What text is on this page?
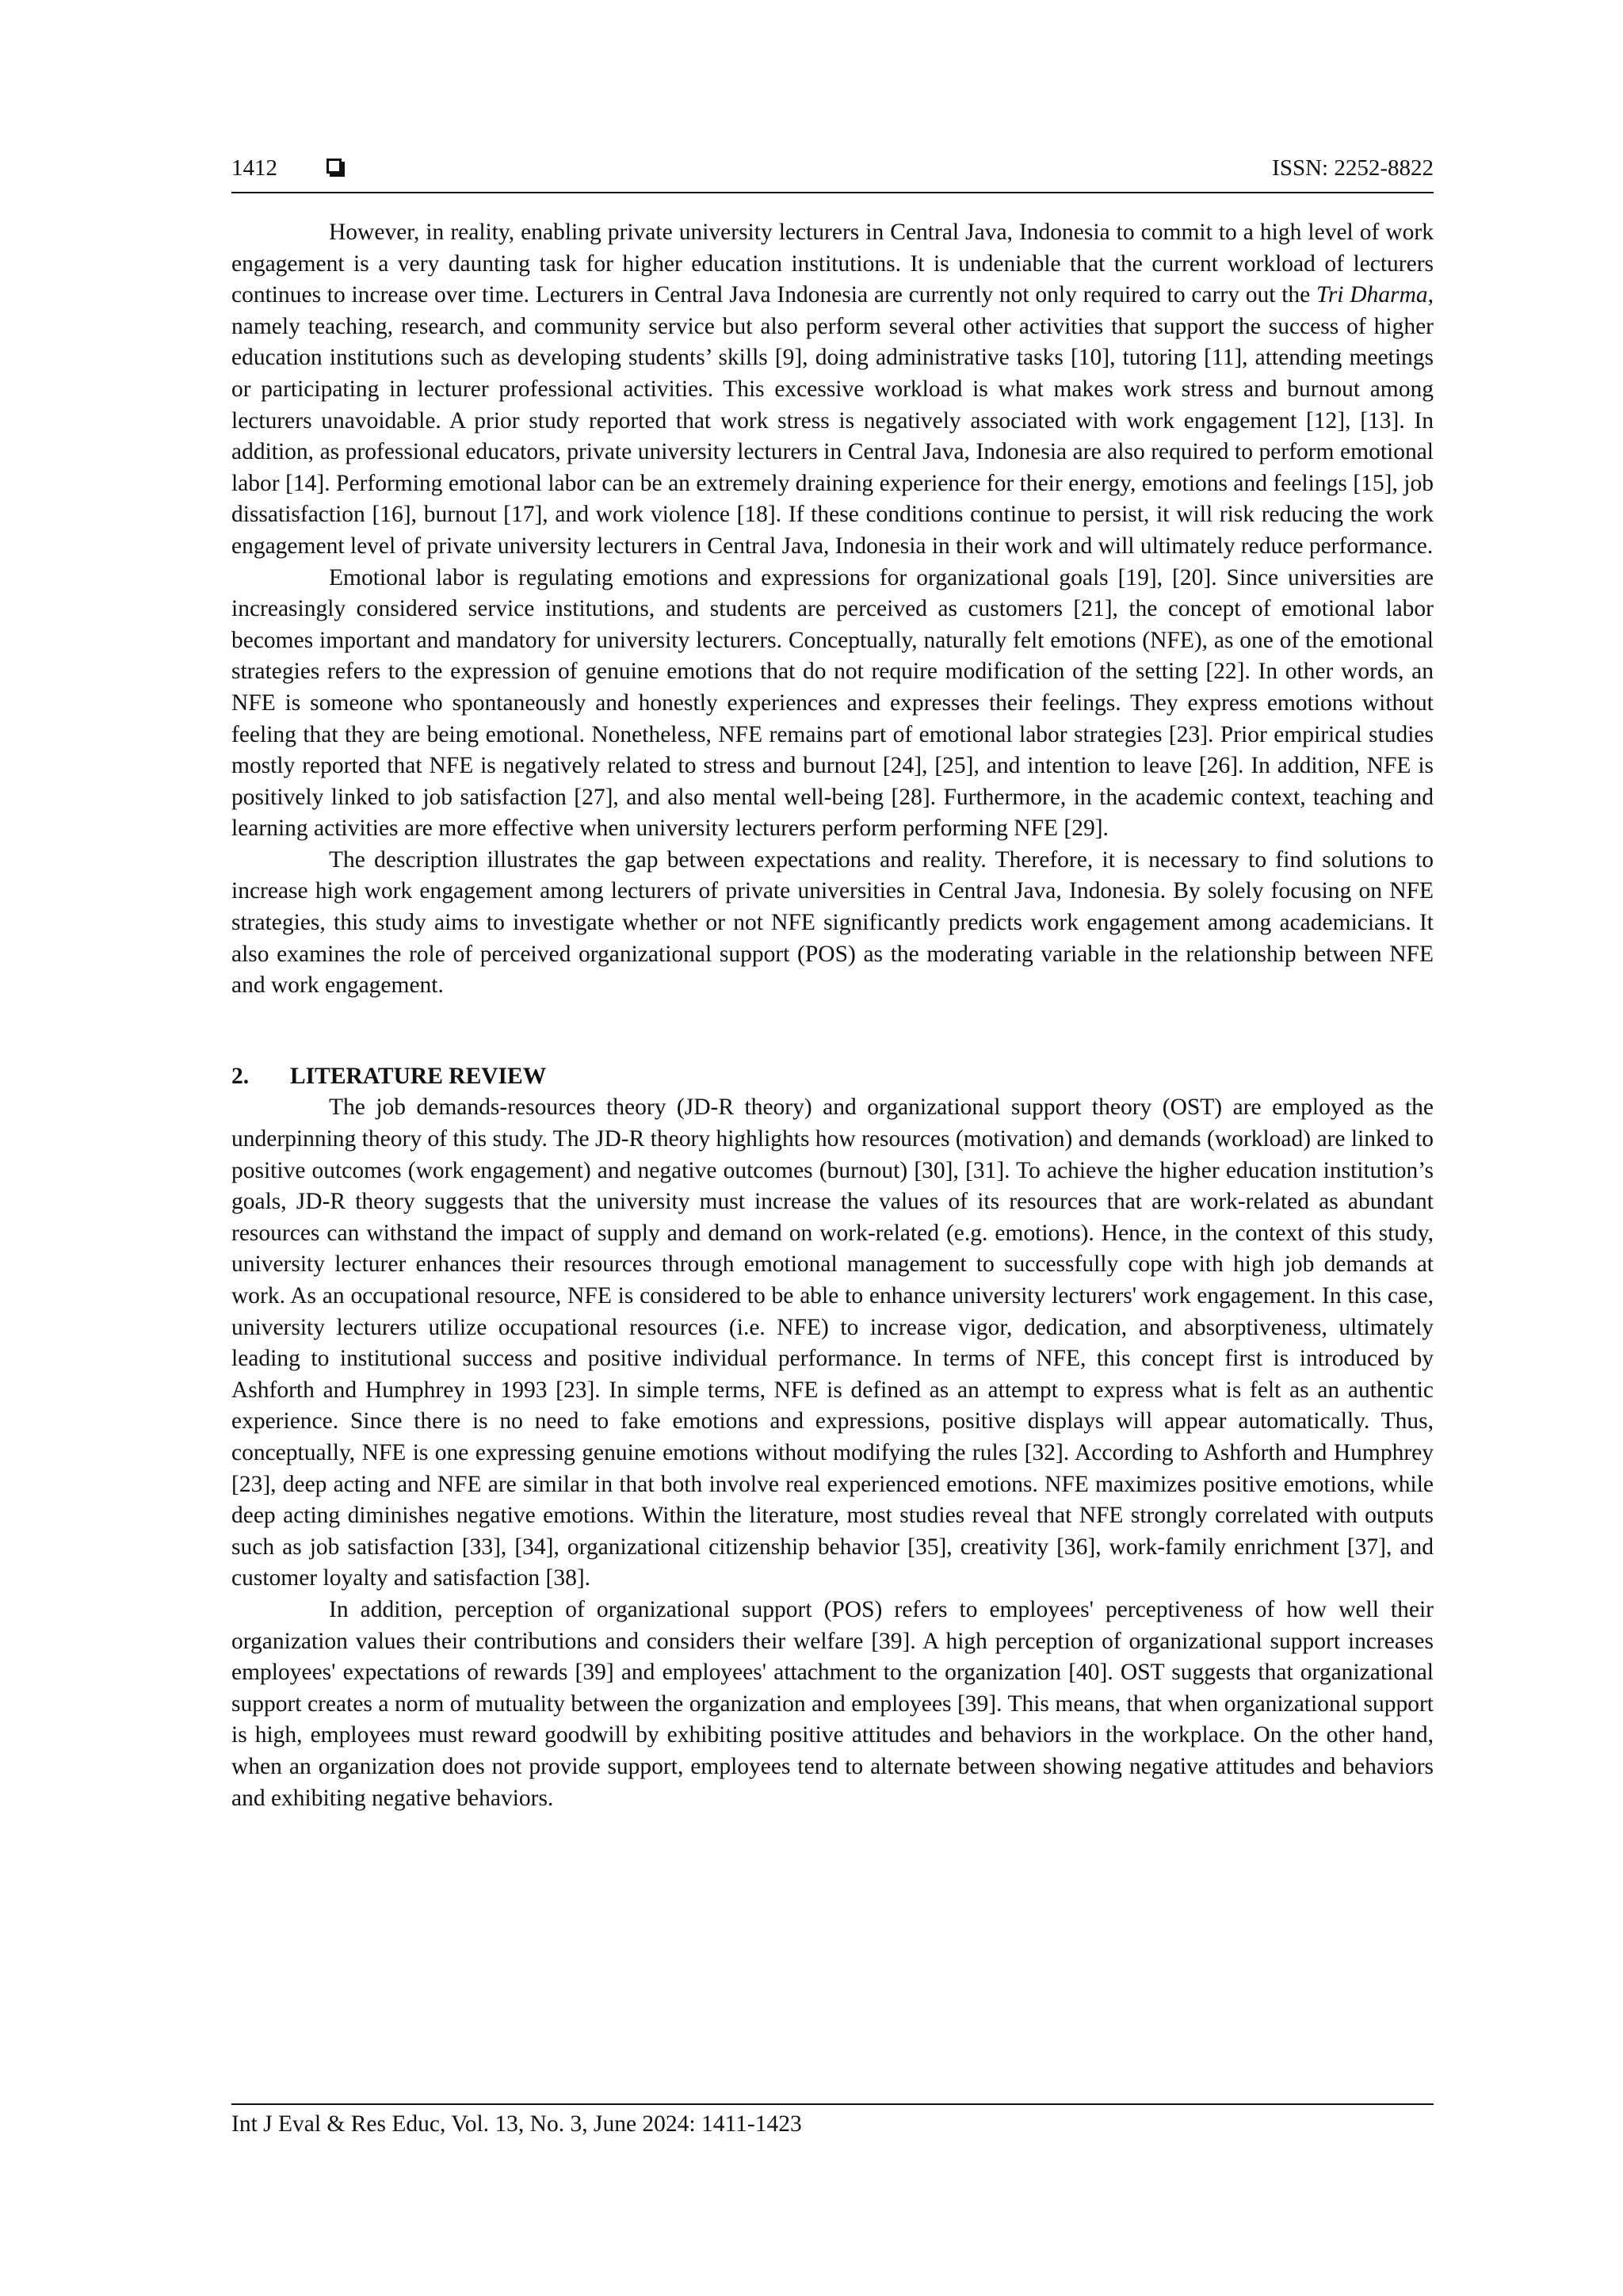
1412	ISSN: 2252-8822

However, in reality, enabling private university lecturers in Central Java, Indonesia to commit to a high level of work engagement is a very daunting task for higher education institutions. It is undeniable that the current workload of lecturers continues to increase over time. Lecturers in Central Java Indonesia are currently not only required to carry out the Tri Dharma, namely teaching, research, and community service but also perform several other activities that support the success of higher education institutions such as developing students’ skills [9], doing administrative tasks [10], tutoring [11], attending meetings or participating in lecturer professional activities. This excessive workload is what makes work stress and burnout among lecturers unavoidable. A prior study reported that work stress is negatively associated with work engagement [12], [13]. In addition, as professional educators, private university lecturers in Central Java, Indonesia are also required to perform emotional labor [14]. Performing emotional labor can be an extremely draining experience for their energy, emotions and feelings [15], job dissatisfaction [16], burnout [17], and work violence [18]. If these conditions continue to persist, it will risk reducing the work engagement level of private university lecturers in Central Java, Indonesia in their work and will ultimately reduce performance.

Emotional labor is regulating emotions and expressions for organizational goals [19], [20]. Since universities are increasingly considered service institutions, and students are perceived as customers [21], the concept of emotional labor becomes important and mandatory for university lecturers. Conceptually, naturally felt emotions (NFE), as one of the emotional strategies refers to the expression of genuine emotions that do not require modification of the setting [22]. In other words, an NFE is someone who spontaneously and honestly experiences and expresses their feelings. They express emotions without feeling that they are being emotional. Nonetheless, NFE remains part of emotional labor strategies [23]. Prior empirical studies mostly reported that NFE is negatively related to stress and burnout [24], [25], and intention to leave [26]. In addition, NFE is positively linked to job satisfaction [27], and also mental well-being [28]. Furthermore, in the academic context, teaching and learning activities are more effective when university lecturers perform performing NFE [29].

The description illustrates the gap between expectations and reality. Therefore, it is necessary to find solutions to increase high work engagement among lecturers of private universities in Central Java, Indonesia. By solely focusing on NFE strategies, this study aims to investigate whether or not NFE significantly predicts work engagement among academicians. It also examines the role of perceived organizational support (POS) as the moderating variable in the relationship between NFE and work engagement.

2. LITERATURE REVIEW

The job demands-resources theory (JD-R theory) and organizational support theory (OST) are employed as the underpinning theory of this study. The JD-R theory highlights how resources (motivation) and demands (workload) are linked to positive outcomes (work engagement) and negative outcomes (burnout) [30], [31]. To achieve the higher education institution’s goals, JD-R theory suggests that the university must increase the values of its resources that are work-related as abundant resources can withstand the impact of supply and demand on work-related (e.g. emotions). Hence, in the context of this study, university lecturer enhances their resources through emotional management to successfully cope with high job demands at work. As an occupational resource, NFE is considered to be able to enhance university lecturers' work engagement. In this case, university lecturers utilize occupational resources (i.e. NFE) to increase vigor, dedication, and absorptiveness, ultimately leading to institutional success and positive individual performance. In terms of NFE, this concept first is introduced by Ashforth and Humphrey in 1993 [23]. In simple terms, NFE is defined as an attempt to express what is felt as an authentic experience. Since there is no need to fake emotions and expressions, positive displays will appear automatically. Thus, conceptually, NFE is one expressing genuine emotions without modifying the rules [32]. According to Ashforth and Humphrey [23], deep acting and NFE are similar in that both involve real experienced emotions. NFE maximizes positive emotions, while deep acting diminishes negative emotions. Within the literature, most studies reveal that NFE strongly correlated with outputs such as job satisfaction [33], [34], organizational citizenship behavior [35], creativity [36], work-family enrichment [37], and customer loyalty and satisfaction [38].

In addition, perception of organizational support (POS) refers to employees' perceptiveness of how well their organization values their contributions and considers their welfare [39]. A high perception of organizational support increases employees' expectations of rewards [39] and employees' attachment to the organization [40]. OST suggests that organizational support creates a norm of mutuality between the organization and employees [39]. This means, that when organizational support is high, employees must reward goodwill by exhibiting positive attitudes and behaviors in the workplace. On the other hand, when an organization does not provide support, employees tend to alternate between showing negative attitudes and behaviors and exhibiting negative behaviors.

Int J Eval & Res Educ, Vol. 13, No. 3, June 2024: 1411-1423
